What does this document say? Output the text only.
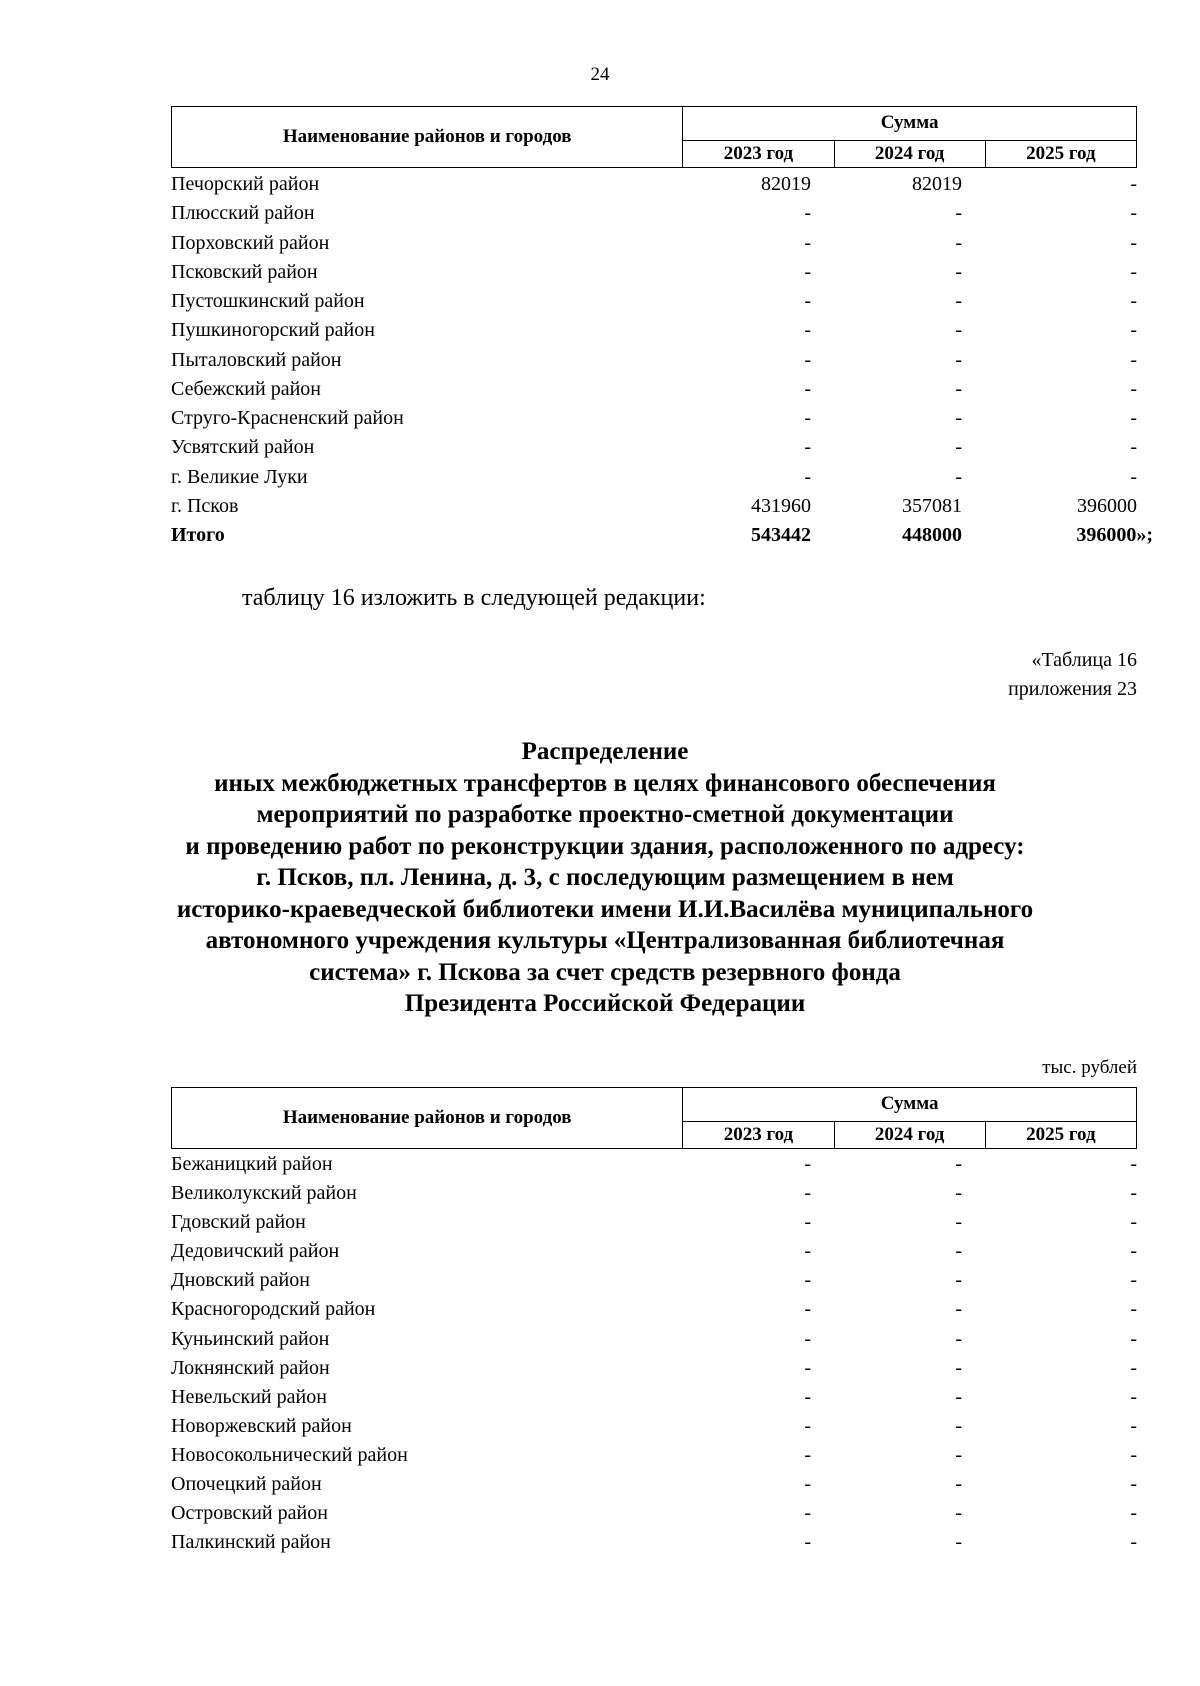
24
Наименование районов и городов	Сумма		
	2023 год	2024 год	2025 год
Печорский район	82019	82019	-
Плюсский район	-	-	-
Порховский район	-	-	-
Псковский район	-	-	-
Пустошкинский район	-	-	-
Пушкиногорский район	-	-	-
Пыталовский район	-	-	-
Себежский район	-	-	-
Струго-Красненский район	-	-	-
Усвятский район	-	-	-
г. Великие Луки	-	-	-
г. Псков	431960	357081	396000
Итого	543442	448000	396000»;
таблицу 16 изложить в следующей редакции:
«Таблица 16
приложения 23
Распределение
иных межбюджетных трансфертов в целях финансового обеспечения
мероприятий по разработке проектно-сметной документации
и проведению работ по реконструкции здания, расположенного по адресу:
г. Псков, пл. Ленина, д. 3, с последующим размещением в нем
историко-краеведческой библиотеки имени И.И.Василёва муниципального
автономного учреждения культуры «Централизованная библиотечная
система» г. Пскова за счет средств резервного фонда
Президента Российской Федерации
тыс. рублей
Наименование районов и городов	Сумма		
	2023 год	2024 год	2025 год
Бежаницкий район	-	-	-
Великолукский район	-	-	-
Гдовский район	-	-	-
Дедовичский район	-	-	-
Дновский район	-	-	-
Красногородский район	-	-	-
Куньинский район	-	-	-
Локнянский район	-	-	-
Невельский район	-	-	-
Новоржевский район	-	-	-
Новосокольнический район	-	-	-
Опочецкий район	-	-	-
Островский район	-	-	-
Палкинский район	-	-	-
